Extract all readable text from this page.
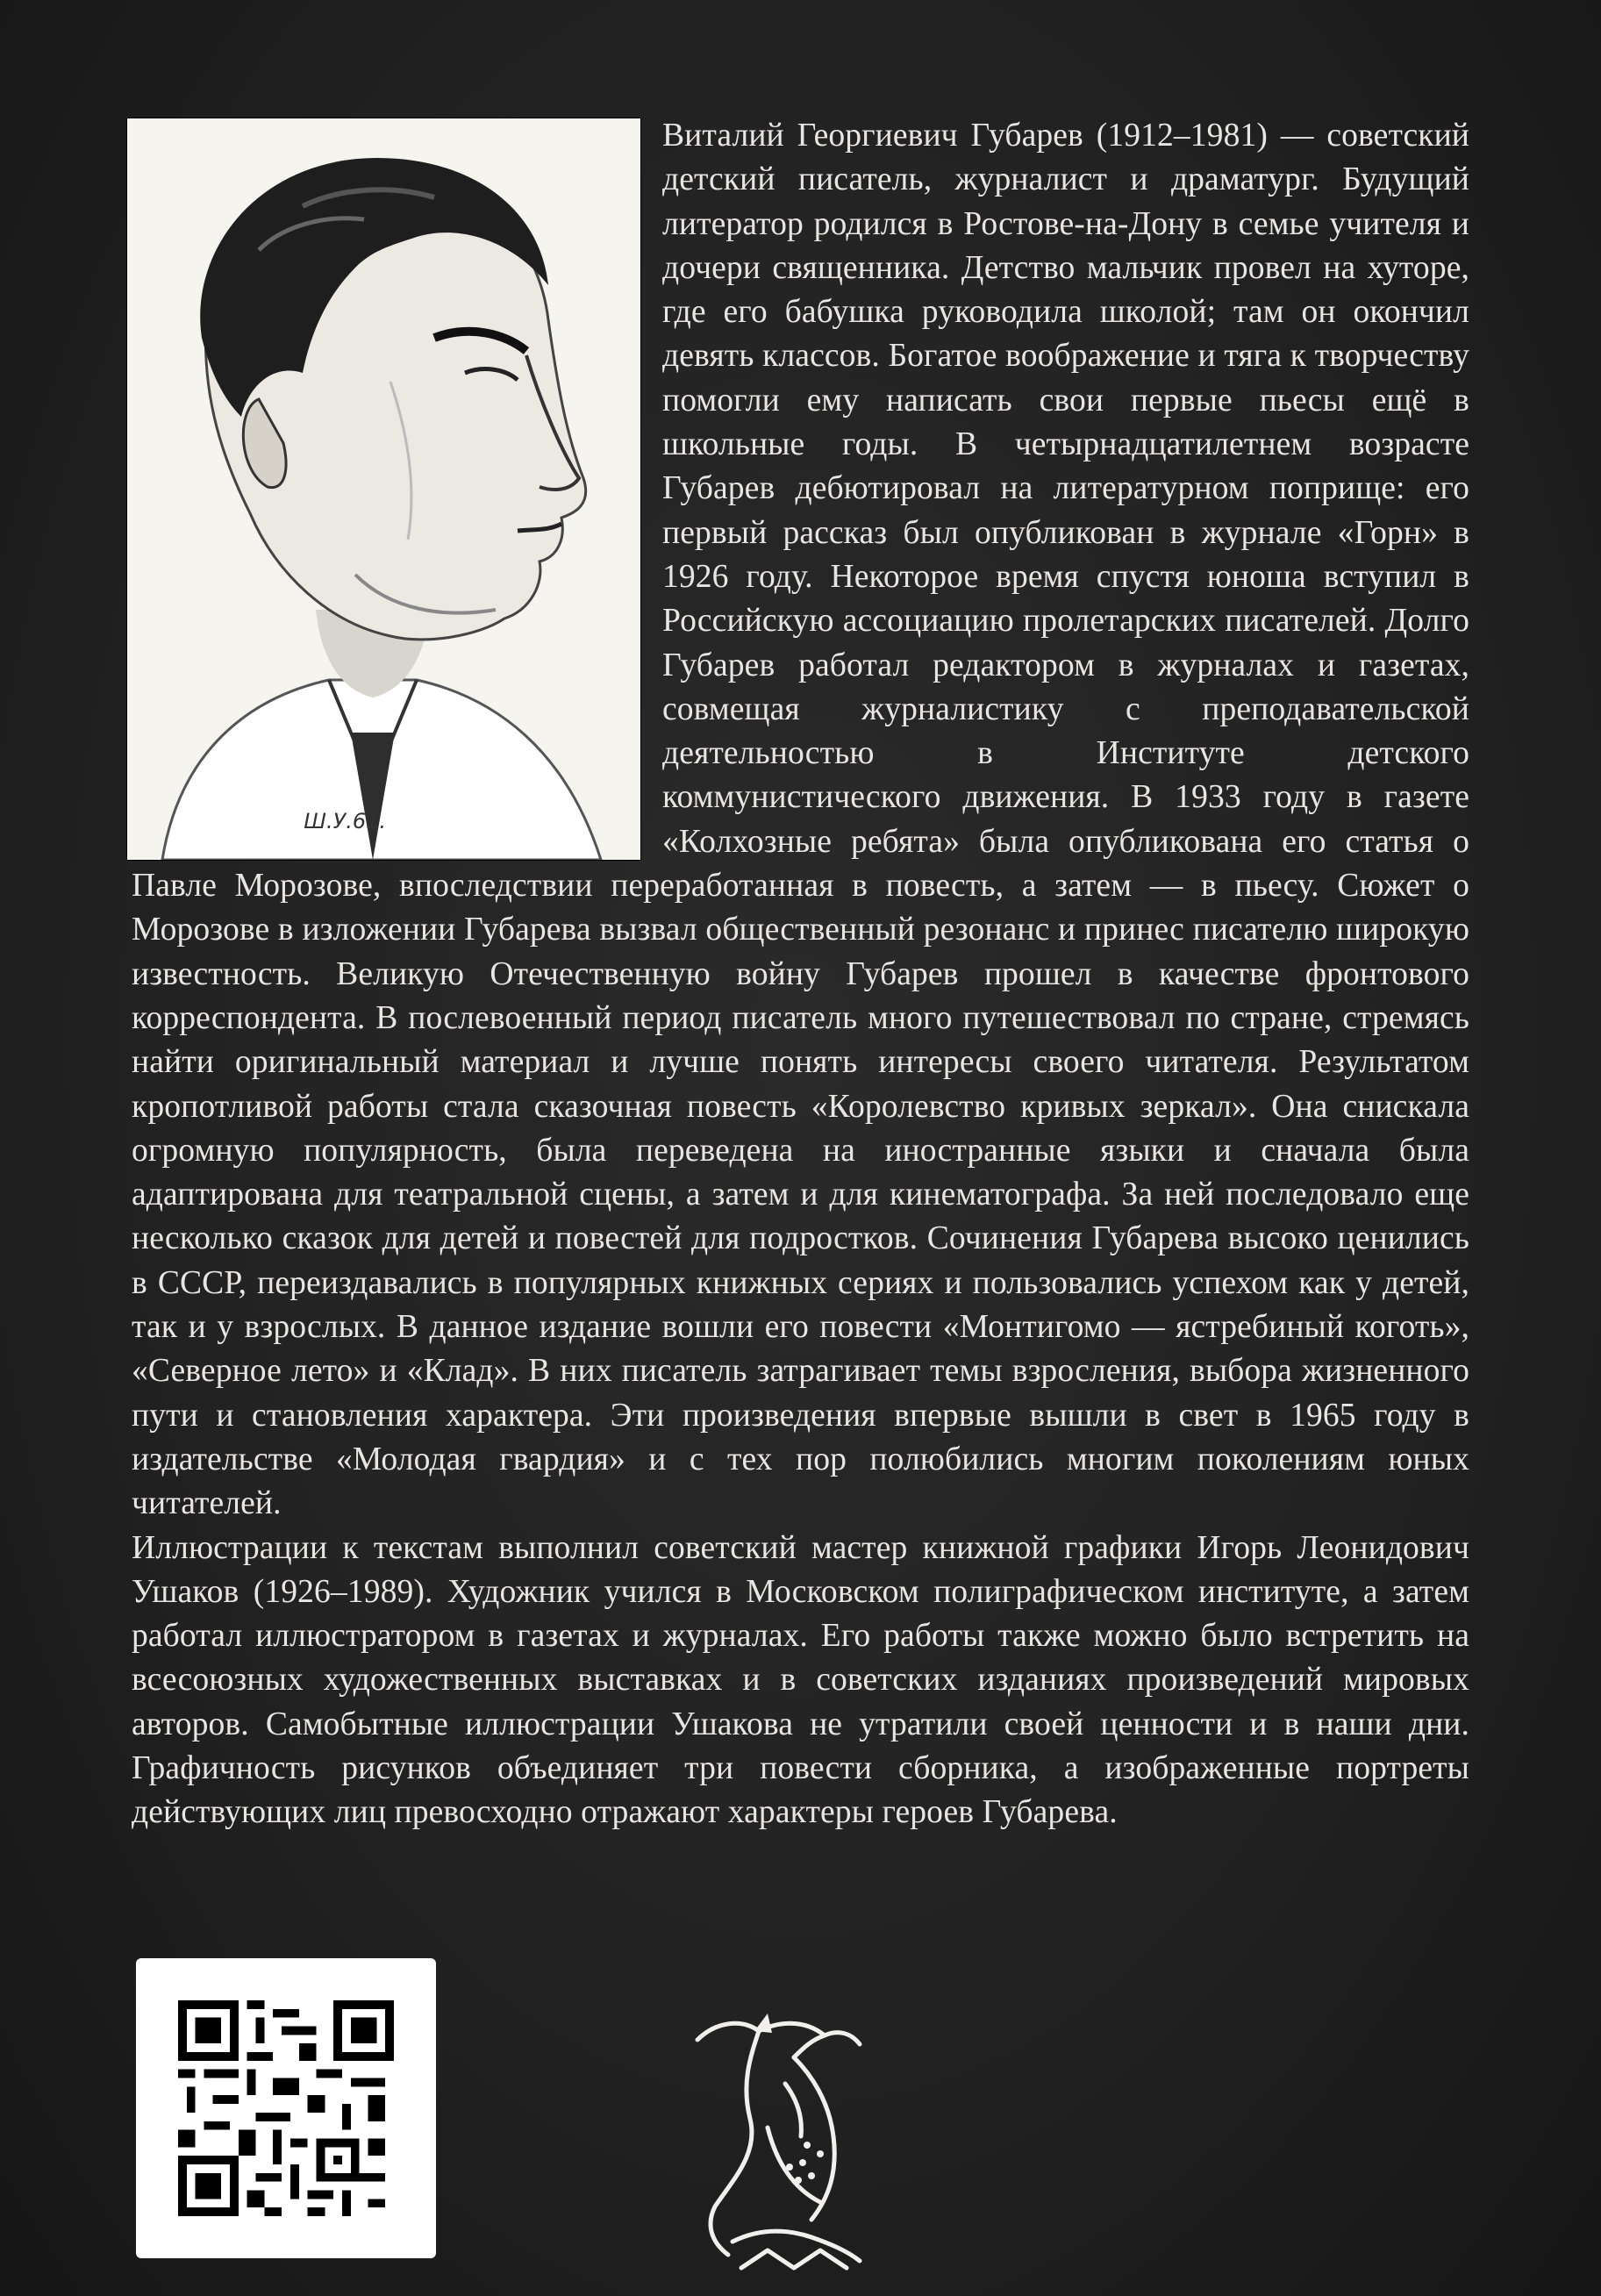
Виталий Георгиевич Губарев (1912–1981) — советский детский писатель, журналист и драматург. Будущий литератор родился в Ростове-на-Дону в семье учителя и дочери священника. Детство мальчик провел на хуторе, где его бабушка руководила школой; там он окончил девять классов. Богатое воображение и тяга к творчеству помогли ему написать свои первые пьесы ещё в школьные годы. В четырнадцатилетнем возрасте Губарев дебютировал на литературном поприще: его первый рассказ был опубликован в журнале «Горн» в 1926 году. Некоторое время спустя юноша вступил в Российскую ассоциацию пролетарских писателей. Долго Губарев работал редактором в журналах и газетах, совмещая журналистику с преподавательской деятельностью в Институте детского коммунистического движения. В 1933 году в газете «Колхозные ребята» была опубликована его статья о Павле Морозове, впоследствии переработанная в повесть, а затем — в пьесу. Сюжет о Морозове в изложении Губарева вызвал общественный резонанс и принес писателю широкую известность. Великую Отечественную войну Губарев прошел в качестве фронтового корреспондента. В послевоенный период писатель много путешествовал по стране, стремясь найти оригинальный материал и лучше понять интересы своего читателя. Результатом кропотливой работы стала сказочная повесть «Королевство кривых зеркал». Она снискала огромную популярность, была переведена на иностранные языки и сначала была адаптирована для театральной сцены, а затем и для кинематографа. За ней последовало еще несколько сказок для детей и повестей для подростков. Сочинения Губарева высоко ценились в СССР, переиздавались в популярных книжных сериях и пользовались успехом как у детей, так и у взрослых. В данное издание вошли его повести «Монтигомо — ястребиный коготь», «Северное лето» и «Клад». В них писатель затрагивает темы взросления, выбора жизненного пути и становления характера. Эти произведения впервые вышли в свет в 1965 году в издательстве «Молодая гвардия» и с тех пор полюбились многим поколениям юных читателей.

Иллюстрации к текстам выполнил советский мастер книжной графики Игорь Леонидович Ушаков (1926–1989). Художник учился в Московском полиграфическом институте, а затем работал иллюстратором в газетах и журналах. Его работы также можно было встретить на всесоюзных художественных выставках и в советских изданиях произведений мировых авторов. Самобытные иллюстрации Ушакова не утратили своей ценности и в наши дни. Графичность рисунков объединяет три повести сборника, а изображенные портреты действующих лиц превосходно отражают характеры героев Губарева.

Ш.У.61.
